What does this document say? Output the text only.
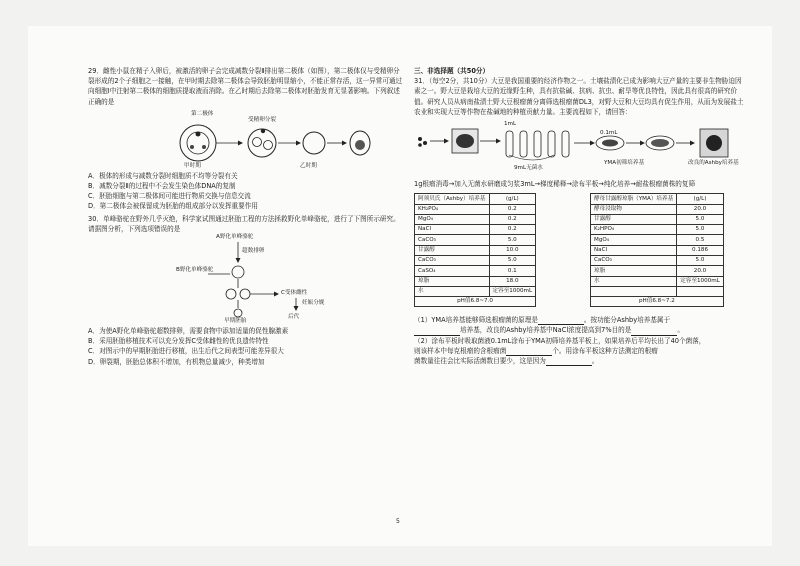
29．雌性小鼠在精子入卵后，被激活的卵子会完成减数分裂Ⅱ排出第二极体（如图），第二极体仅与受精卵分裂形成的2个子细胞之一接触，在甲时期去除第二极体会导致胚胎明显缩小，不能正常存活，这一异常可通过向细胞Ⅰ中注射第二极体的细胞质提取液而消除。在乙时期后去除第二极体对胚胎发育无显著影响。下列叙述正确的是

第二极体
甲时期
受精卵分裂
乙时期

A．极体的形成与减数分裂时细胞质不均等分裂有关

B．减数分裂Ⅱ的过程中不会发生染色体DNA的复制

C．胚胎细胞与第二极体间可能进行物质交换与信息交流

D．第二极体会被保留成为胚胎的组成部分以发挥重要作用

30．单峰骆驼在野外几乎灭绝，科学家试图通过胚胎工程的方法拯救野化单峰骆驼，进行了下图所示研究。请据图分析，下列选项错误的是

A野化单峰骆驼
超数排卵
B野化单峰骆驼
C受体雌性
妊娠分娩
早期胚胎
后代

A．为使A野化单峰骆驼超数排卵，需要食物中添加适量的促性腺激素

B．采用胚胎移植技术可以充分发挥C受体雌性的优良遗传特性

C．对图示中的早期胚胎进行移植，出生后代之间表型可能差异很大

D．卵裂期，胚胎总体积不增加，有机物总量减少，种类增加

三、非选择题（共50分）

31．（每空2分，共10分）大豆是我国重要的经济作物之一。土壤盐渍化已成为影响大豆产量的主要非生物胁迫因素之一。野大豆是栽培大豆的近缘野生种，具有抗盐碱、抗病、抗虫、耐旱等优良特性，因此具有很高的研究价值。研究人员从病南盐渍土野大豆根瘤菌分离筛选根瘤菌DL3，对野大豆和大豆均具有促生作用，从而为发展盐土农业和实现大豆等作物在盐碱地的种植贡献力量。主要流程如下，请回答：

1mL
0.1mL
9mL无菌水
YMA初筛培养基	改良的Ashby培养基

1g根瘤消毒→加入无菌水研磨成匀浆3mL→梯度稀释→涂布平板→纯化培养→耐盐根瘤菌株的复筛

阿须贝氏（Ashby）培养基	(g/L)
KH₂PO₄	0.2
MgO₄	0.2
NaCl	0.2
CaCO₃	5.0
甘露醇	10.0
CaCO₃	5.0
CaSO₄	0.1
琼脂	18.0
水	定容至1000mL
pH值6.8~7.0	
酵母甘露醇琼脂（YMA）培养基	(g/L)
酵母浸取物	20.0
甘露醇	5.0
K₂HPO₄	5.0
MgO₄	0.5
NaCl	0.186
CaCO₃	5.0
琼脂	20.0
水	定容至1000mL

pH值6.8~7.2	

（1）YMA培养基能够筛选根瘤菌的原理是	。按功能分Ashby培养基属于

培养基，改良的Ashby培养基中NaCl浓度提高到7%目的是	。

（2）涂布平板时吸取菌液0.1mL涂布于YMA初筛培养基平板上，如果培养后平均长出了40个菌落，

则该样本中每克根瘤的含根瘤菌	个。用涂布平板这种方法测定的根瘤

菌数量往往会比实际活菌数目要少，这是因为	。

5
